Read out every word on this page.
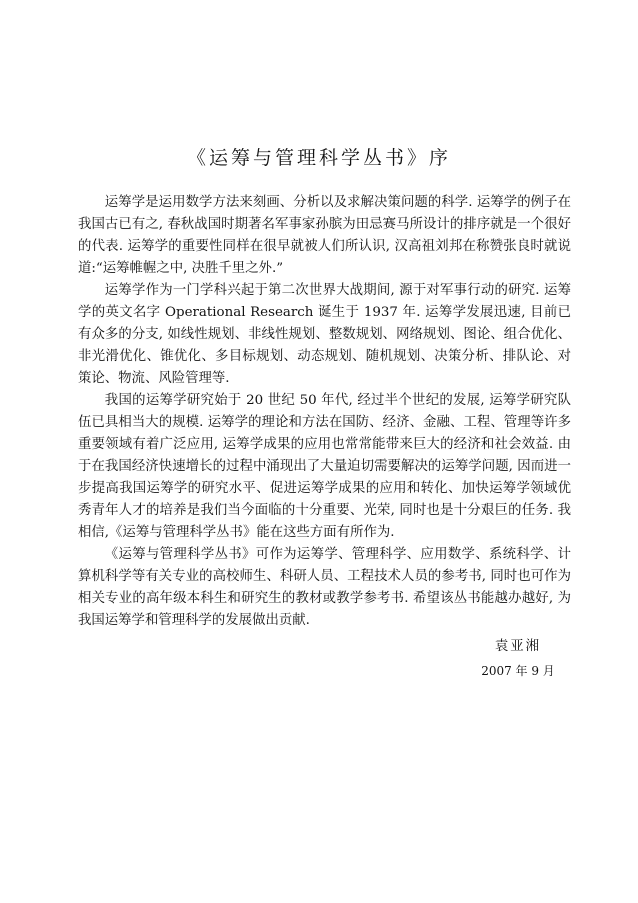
《运筹与管理科学丛书》序

运筹学是运用数学方法来刻画、分析以及求解决策问题的科学. 运筹学的例子在我国古已有之, 春秋战国时期著名军事家孙膑为田忌赛马所设计的排序就是一个很好的代表. 运筹学的重要性同样在很早就被人们所认识, 汉高祖刘邦在称赞张良时就说道:“运筹帷幄之中, 决胜千里之外.”

运筹学作为一门学科兴起于第二次世界大战期间, 源于对军事行动的研究. 运筹学的英文名字 Operational Research 诞生于 1937 年. 运筹学发展迅速, 目前已有众多的分支, 如线性规划、非线性规划、整数规划、网络规划、图论、组合优化、非光滑优化、锥优化、多目标规划、动态规划、随机规划、决策分析、排队论、对策论、物流、风险管理等.

我国的运筹学研究始于 20 世纪 50 年代, 经过半个世纪的发展, 运筹学研究队伍已具相当大的规模. 运筹学的理论和方法在国防、经济、金融、工程、管理等许多重要领域有着广泛应用, 运筹学成果的应用也常常能带来巨大的经济和社会效益. 由于在我国经济快速增长的过程中涌现出了大量迫切需要解决的运筹学问题, 因而进一步提高我国运筹学的研究水平、促进运筹学成果的应用和转化、加快运筹学领域优秀青年人才的培养是我们当今面临的十分重要、光荣, 同时也是十分艰巨的任务. 我相信,《运筹与管理科学丛书》能在这些方面有所作为.

《运筹与管理科学丛书》可作为运筹学、管理科学、应用数学、系统科学、计算机科学等有关专业的高校师生、科研人员、工程技术人员的参考书, 同时也可作为相关专业的高年级本科生和研究生的教材或教学参考书. 希望该丛书能越办越好, 为我国运筹学和管理科学的发展做出贡献.

袁亚湘
2007 年 9 月
